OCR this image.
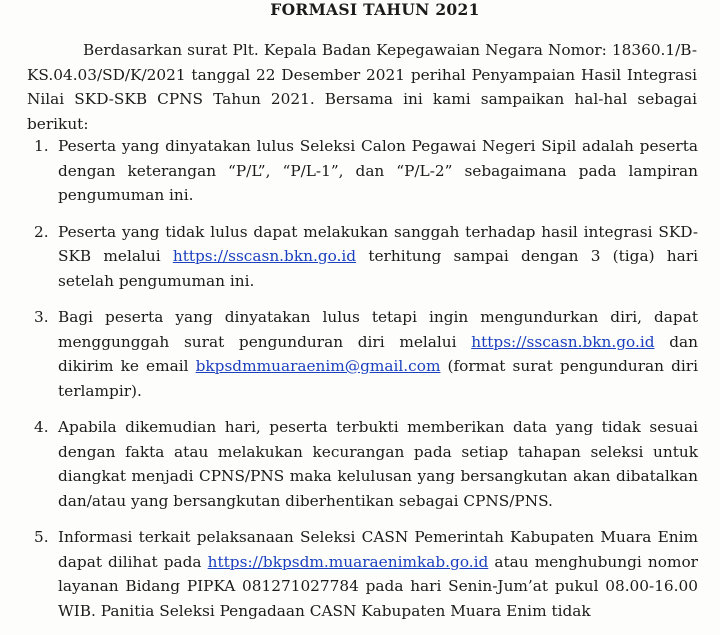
FORMASI TAHUN 2021

Berdasarkan surat Plt. Kepala Badan Kepegawaian Negara Nomor: 18360.1/B-KS.04.03/SD/K/2021 tanggal 22 Desember 2021 perihal Penyampaian Hasil Integrasi Nilai SKD-SKB CPNS Tahun 2021. Bersama ini kami sampaikan hal-hal sebagai berikut:

1. Peserta yang dinyatakan lulus Seleksi Calon Pegawai Negeri Sipil adalah peserta dengan keterangan “P/L”, “P/L-1”, dan “P/L-2” sebagaimana pada lampiran pengumuman ini.
2. Peserta yang tidak lulus dapat melakukan sanggah terhadap hasil integrasi SKD-SKB melalui https://sscasn.bkn.go.id terhitung sampai dengan 3 (tiga) hari setelah pengumuman ini.
3. Bagi peserta yang dinyatakan lulus tetapi ingin mengundurkan diri, dapat menggunggah surat pengunduran diri melalui https://sscasn.bkn.go.id dan dikirim ke email bkpsdmmuaraenim@gmail.com (format surat pengunduran diri terlampir).
4. Apabila dikemudian hari, peserta terbukti memberikan data yang tidak sesuai dengan fakta atau melakukan kecurangan pada setiap tahapan seleksi untuk diangkat menjadi CPNS/PNS maka kelulusan yang bersangkutan akan dibatalkan dan/atau yang bersangkutan diberhentikan sebagai CPNS/PNS.
5. Informasi terkait pelaksanaan Seleksi CASN Pemerintah Kabupaten Muara Enim dapat dilihat pada https://bkpsdm.muaraenimkab.go.id atau menghubungi nomor layanan Bidang PIPKA 081271027784 pada hari Senin-Jum’at pukul 08.00-16.00 WIB. Panitia Seleksi Pengadaan CASN Kabupaten Muara Enim tidak
